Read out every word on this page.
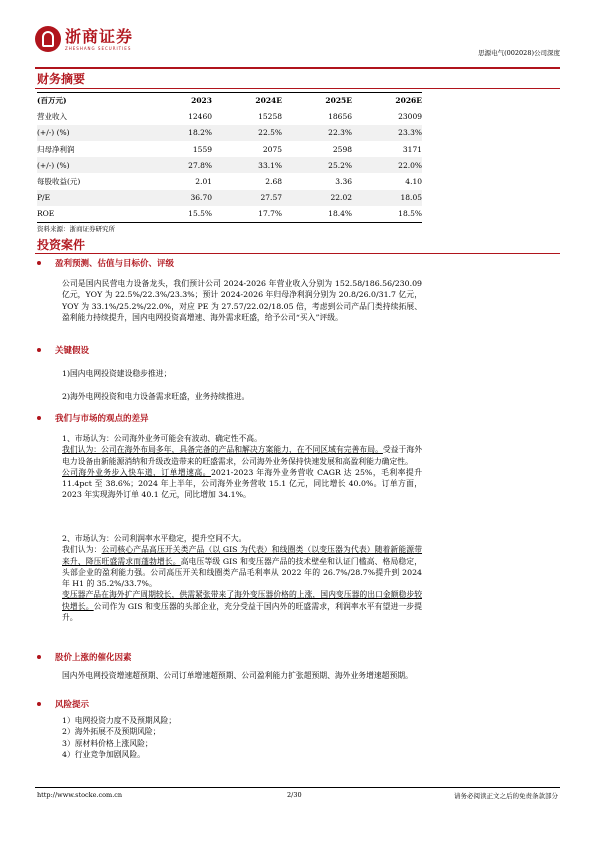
浙商证券
ZHESHANG SECURITIES
思源电气(002028)公司深度
财务摘要
(百万元)	2023	2024E	2025E	2026E
营业收入	12460	15258	18656	23009
(+/-) (%)	18.2%	22.5%	22.3%	23.3%
归母净利润	1559	2075	2598	3171
(+/-) (%)	27.8%	33.1%	25.2%	22.0%
每股收益(元)	2.01	2.68	3.36	4.10
P/E	36.70	27.57	22.02	18.05
ROE	15.5%	17.7%	18.4%	18.5%
资料来源：浙商证券研究所
投资案件
盈利预测、估值与目标价、评级

公司是国内民营电力设备龙头，我们预计公司 2024-2026 年营业收入分别为 152.58/186.56/230.09 亿元，YOY 为 22.5%/22.3%/23.3%；预计 2024-2026 年归母净利润分别为 20.8/26.0/31.7 亿元，YOY 为 33.1%/25.2%/22.0%，对应 PE 为 27.57/22.02/18.05 倍，考虑到公司产品门类持续拓展、盈利能力持续提升，国内电网投资高增速、海外需求旺盛，给予公司“买入”评级。

关键假设

1)国内电网投资建设稳步推进；

2)海外电网投资和电力设备需求旺盛，业务持续推进。

我们与市场的观点的差异

1、市场认为：公司海外业务可能会有波动、确定性不高。

我们认为：公司在海外布局多年，具备完备的产品和解决方案能力，在不同区域有完善布局。受益于海外电力设备由新能源消纳和升级改造带来的旺盛需求，公司海外业务保持快速发展和高盈利能力确定性。

公司海外业务步入快车道，订单增速高。2021-2023 年海外业务营收 CAGR 达 25%，毛利率提升 11.4pct 至 38.6%；2024 年上半年，公司海外业务营收 15.1 亿元，同比增长 40.0%。订单方面，2023 年实现海外订单 40.1 亿元，同比增加 34.1%。

2、市场认为：公司利润率水平稳定，提升空间不大。

我们认为：公司核心产品高压开关类产品（以 GIS 为代表）和线圈类（以变压器为代表）随着新能源带来升、降压旺盛需求而蓬勃增长。高电压等级 GIS 和变压器产品的技术壁垒和认证门槛高、格局稳定，头部企业的盈利能力强。公司高压开关和线圈类产品毛利率从 2022 年的 26.7%/28.7%提升到 2024 年 H1 的 35.2%/33.7%。

变压器产品在海外扩产周期较长，供需紧张带来了海外变压器价格的上涨，国内变压器的出口金额稳步较快增长。公司作为 GIS 和变压器的头部企业，充分受益于国内外的旺盛需求，利润率水平有望进一步提升。

股价上涨的催化因素

国内外电网投资增速超预期、公司订单增速超预期、公司盈利能力扩张超预期、海外业务增速超预期。

风险提示

1）电网投资力度不及预期风险；

2）海外拓展不及预期风险；

3）原材料价格上涨风险；

4）行业竞争加剧风险。

http://www.stocke.com.cn	2/30	请务必阅读正文之后的免责条款部分
